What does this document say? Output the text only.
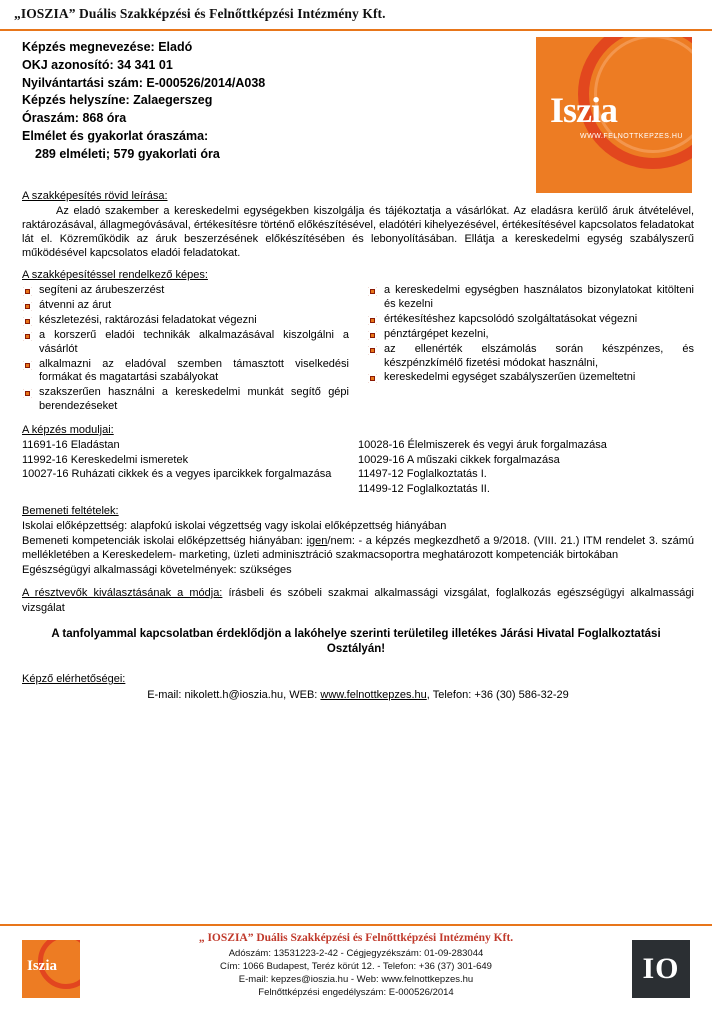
„IOSZIA” Duális Szakképzési és Felnőttképzési Intézmény Kft.
Képzés megnevezése: Eladó
OKJ azonosító: 34 341 01
Nyilvántartási szám: E-000526/2014/A038
Képzés helyszíne: Zalaegerszeg
Óraszám: 868 óra
Elmélet és gyakorlat óraszáma:
289 elméleti; 579 gyakorlati óra
Iszia
WWW.FELNOTTKEPZES.HU
A szakképesítés rövid leírása:
Az eladó szakember a kereskedelmi egységekben kiszolgálja és tájékoztatja a vásárlókat. Az eladásra kerülő áruk átvételével, raktározásával, állagmegóvásával, értékesítésre történő előkészítésével, eladótéri kihelyezésével, értékesítésével kapcsolatos feladatokat lát el. Közreműködik az áruk beszerzésének előkészítésében és lebonyolításában. Ellátja a kereskedelmi egység szabályszerű működésével kapcsolatos eladói feladatokat.
A szakképesítéssel rendelkező képes:
segíteni az árubeszerzést
átvenni az árut
készletezési, raktározási feladatokat végezni
a korszerű eladói technikák alkalmazásával kiszolgálni a vásárlót
alkalmazni az eladóval szemben támasztott viselkedési formákat és magatartási szabályokat
szakszerűen használni a kereskedelmi munkát segítő gépi berendezéseket
a kereskedelmi egységben használatos bizonylatokat kitölteni és kezelni
értékesítéshez kapcsolódó szolgáltatásokat végezni
pénztárgépet kezelni,
az ellenérték elszámolás során készpénzes, és készpénzkímélő fizetési módokat használni,
kereskedelmi egységet szabályszerűen üzemeltetni
A képzés moduljai:
11691-16 Eladástan
11992-16 Kereskedelmi ismeretek
10027-16 Ruházati cikkek és a vegyes iparcikkek forgalmazása
10028-16 Élelmiszerek és vegyi áruk forgalmazása
10029-16 A műszaki cikkek forgalmazása
11497-12 Foglalkoztatás I.
11499-12 Foglalkoztatás II.
Bemeneti feltételek:
Iskolai előképzettség: alapfokú iskolai végzettség vagy iskolai előképzettség hiányában
Bemeneti kompetenciák iskolai előképzettség hiányában: igen/nem: - a képzés megkezdhető a 9/2018. (VIII. 21.) ITM rendelet 3. számú mellékletében a Kereskedelem- marketing, üzleti adminisztráció szakmacsoportra meghatározott kompetenciák birtokában
Egészségügyi alkalmassági követelmények: szükséges
A résztvevők kiválasztásának a módja: írásbeli és szóbeli szakmai alkalmassági vizsgálat, foglalkozás egészségügyi alkalmassági vizsgálat
A tanfolyammal kapcsolatban érdeklődjön a lakóhelye szerinti területileg illetékes Járási Hivatal Foglalkoztatási Osztályán!
Képző elérhetőségei:
E-mail: nikolett.h@ioszia.hu, WEB: www.felnottkepzes.hu, Telefon: +36 (30) 586-32-29
Iszia
„ IOSZIA” Duális Szakképzési és Felnőttképzési Intézmény Kft.
Adószám: 13531223-2-42 - Cégjegyzékszám: 01-09-283044
Cím: 1066 Budapest, Teréz körút 12. - Telefon: +36 (37) 301-649
E-mail: kepzes@ioszia.hu - Web: www.felnottkepzes.hu
Felnőttképzési engedélyszám: E-000526/2014
IO
